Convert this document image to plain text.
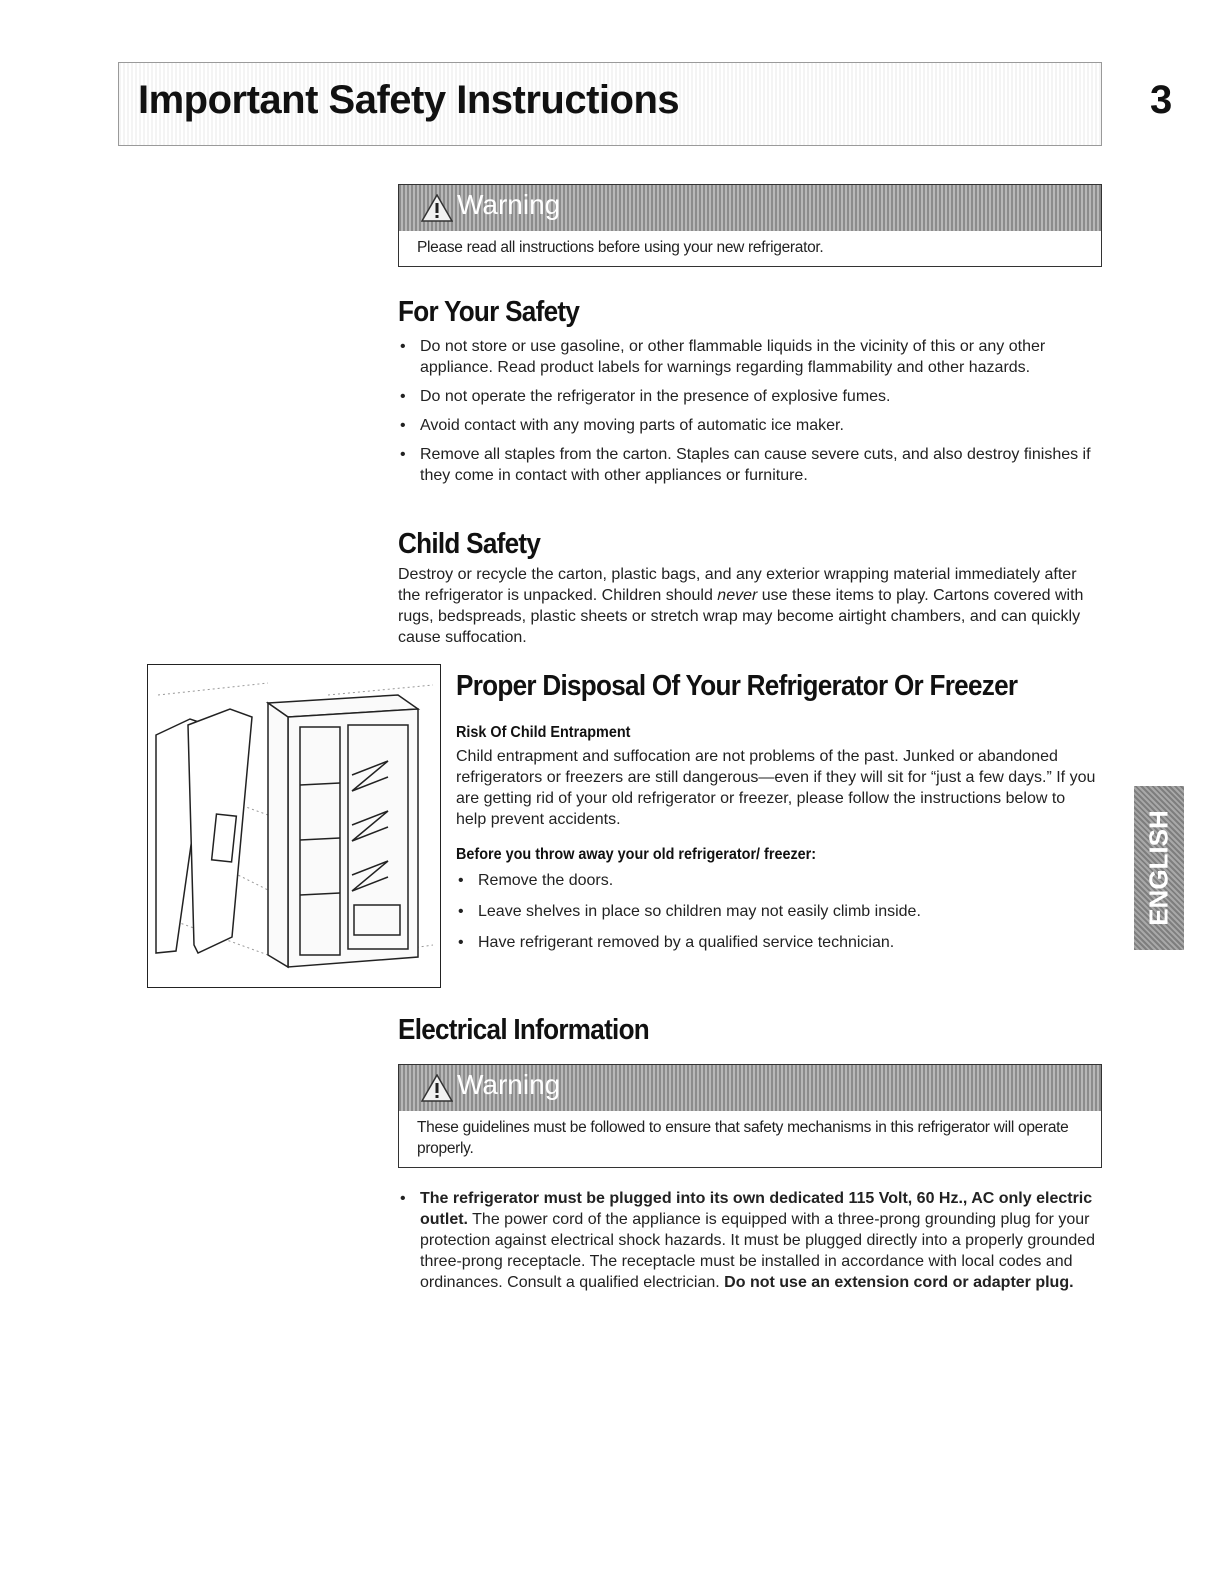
Important Safety Instructions	3
Warning
Please read all instructions before using your new refrigerator.
For Your Safety
• Do not store or use gasoline, or other flammable liquids in the vicinity of this or any other appliance. Read product labels for warnings regarding flammability and other hazards.
• Do not operate the refrigerator in the presence of explosive fumes.
• Avoid contact with any moving parts of automatic ice maker.
• Remove all staples from the carton. Staples can cause severe cuts, and also destroy finishes if they come in contact with other appliances or furniture.
Child Safety

Destroy or recycle the carton, plastic bags, and any exterior wrapping material immediately after the refrigerator is unpacked. Children should never use these items to play. Cartons covered with rugs, bedspreads, plastic sheets or stretch wrap may become airtight chambers, and can quickly cause suffocation.

Proper Disposal Of Your Refrigerator Or Freezer
Risk Of Child Entrapment

Child entrapment and suffocation are not problems of the past. Junked or abandoned refrigerators or freezers are still dangerous—even if they will sit for “just a few days.” If you are getting rid of your old refrigerator or freezer, please follow the instructions below to help prevent accidents.

Before you throw away your old refrigerator/ freezer:
• Remove the doors.
• Leave shelves in place so children may not easily climb inside.
• Have refrigerant removed by a qualified service technician.
ENGLISH
Electrical Information
Warning
These guidelines must be followed to ensure that safety mechanisms in this refrigerator will operate properly.
• The refrigerator must be plugged into its own dedicated 115 Volt, 60 Hz., AC only electric outlet. The power cord of the appliance is equipped with a three-prong grounding plug for your protection against electrical shock hazards. It must be plugged directly into a properly grounded three-prong receptacle. The receptacle must be installed in accordance with local codes and ordinances. Consult a qualified electrician. Do not use an extension cord or adapter plug.
